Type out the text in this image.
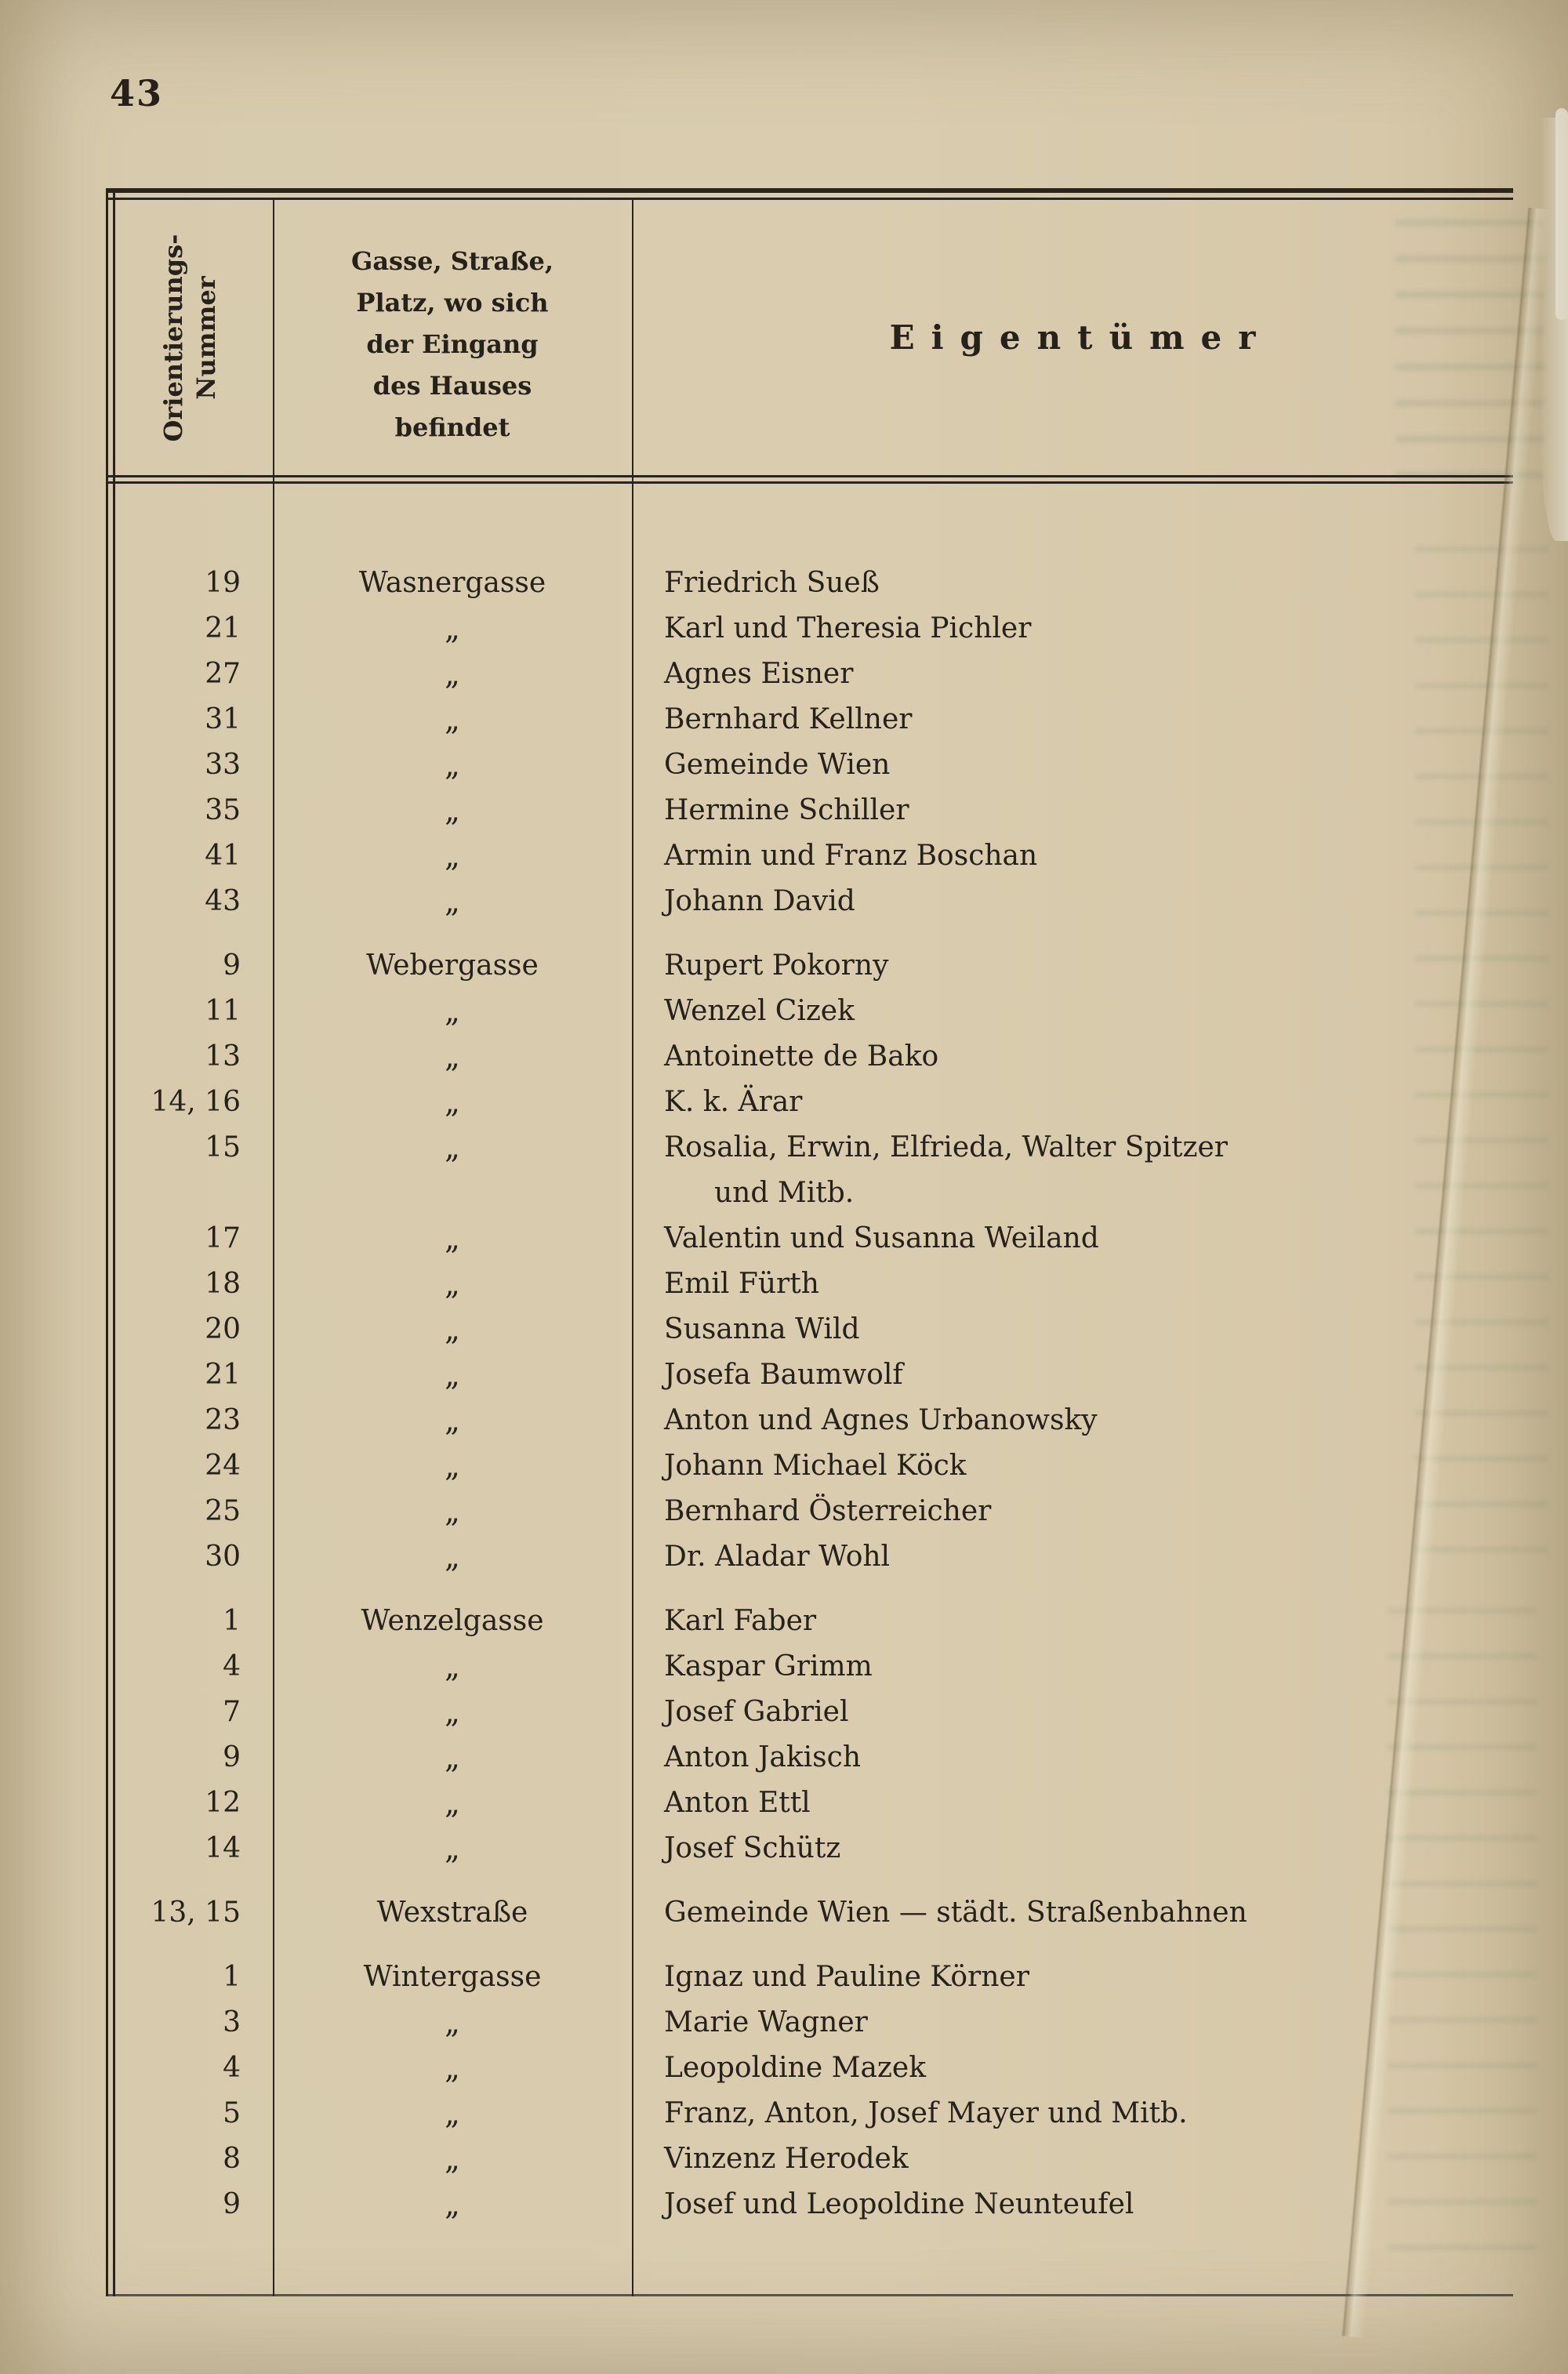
43
Orientierungs- Nummer
Gasse, Straße,
Platz, wo sich
der Eingang
des Hauses
befindet
Eigentümer
19	Wasnergasse	Friedrich Sueß
21	„	Karl und Theresia Pichler
27	„	Agnes Eisner
31	„	Bernhard Kellner
33	„	Gemeinde Wien
35	„	Hermine Schiller
41	„	Armin und Franz Boschan
43	„	Johann David
9	Webergasse	Rupert Pokorny
11	„	Wenzel Cizek
13	„	Antoinette de Bako
14, 16	„	K. k. Ärar
15	„	Rosalia, Erwin, Elfrieda, Walter Spitzer
und Mitb.
17	„	Valentin und Susanna Weiland
18	„	Emil Fürth
20	„	Susanna Wild
21	„	Josefa Baumwolf
23	„	Anton und Agnes Urbanowsky
24	„	Johann Michael Köck
25	„	Bernhard Österreicher
30	„	Dr. Aladar Wohl
1	Wenzelgasse	Karl Faber
4	„	Kaspar Grimm
7	„	Josef Gabriel
9	„	Anton Jakisch
12	„	Anton Ettl
14	„	Josef Schütz
13, 15	Wexstraße	Gemeinde Wien — städt. Straßenbahnen
1	Wintergasse	Ignaz und Pauline Körner
3	„	Marie Wagner
4	„	Leopoldine Mazek
5	„	Franz, Anton, Josef Mayer und Mitb.
8	„	Vinzenz Herodek
9	„	Josef und Leopoldine Neunteufel
